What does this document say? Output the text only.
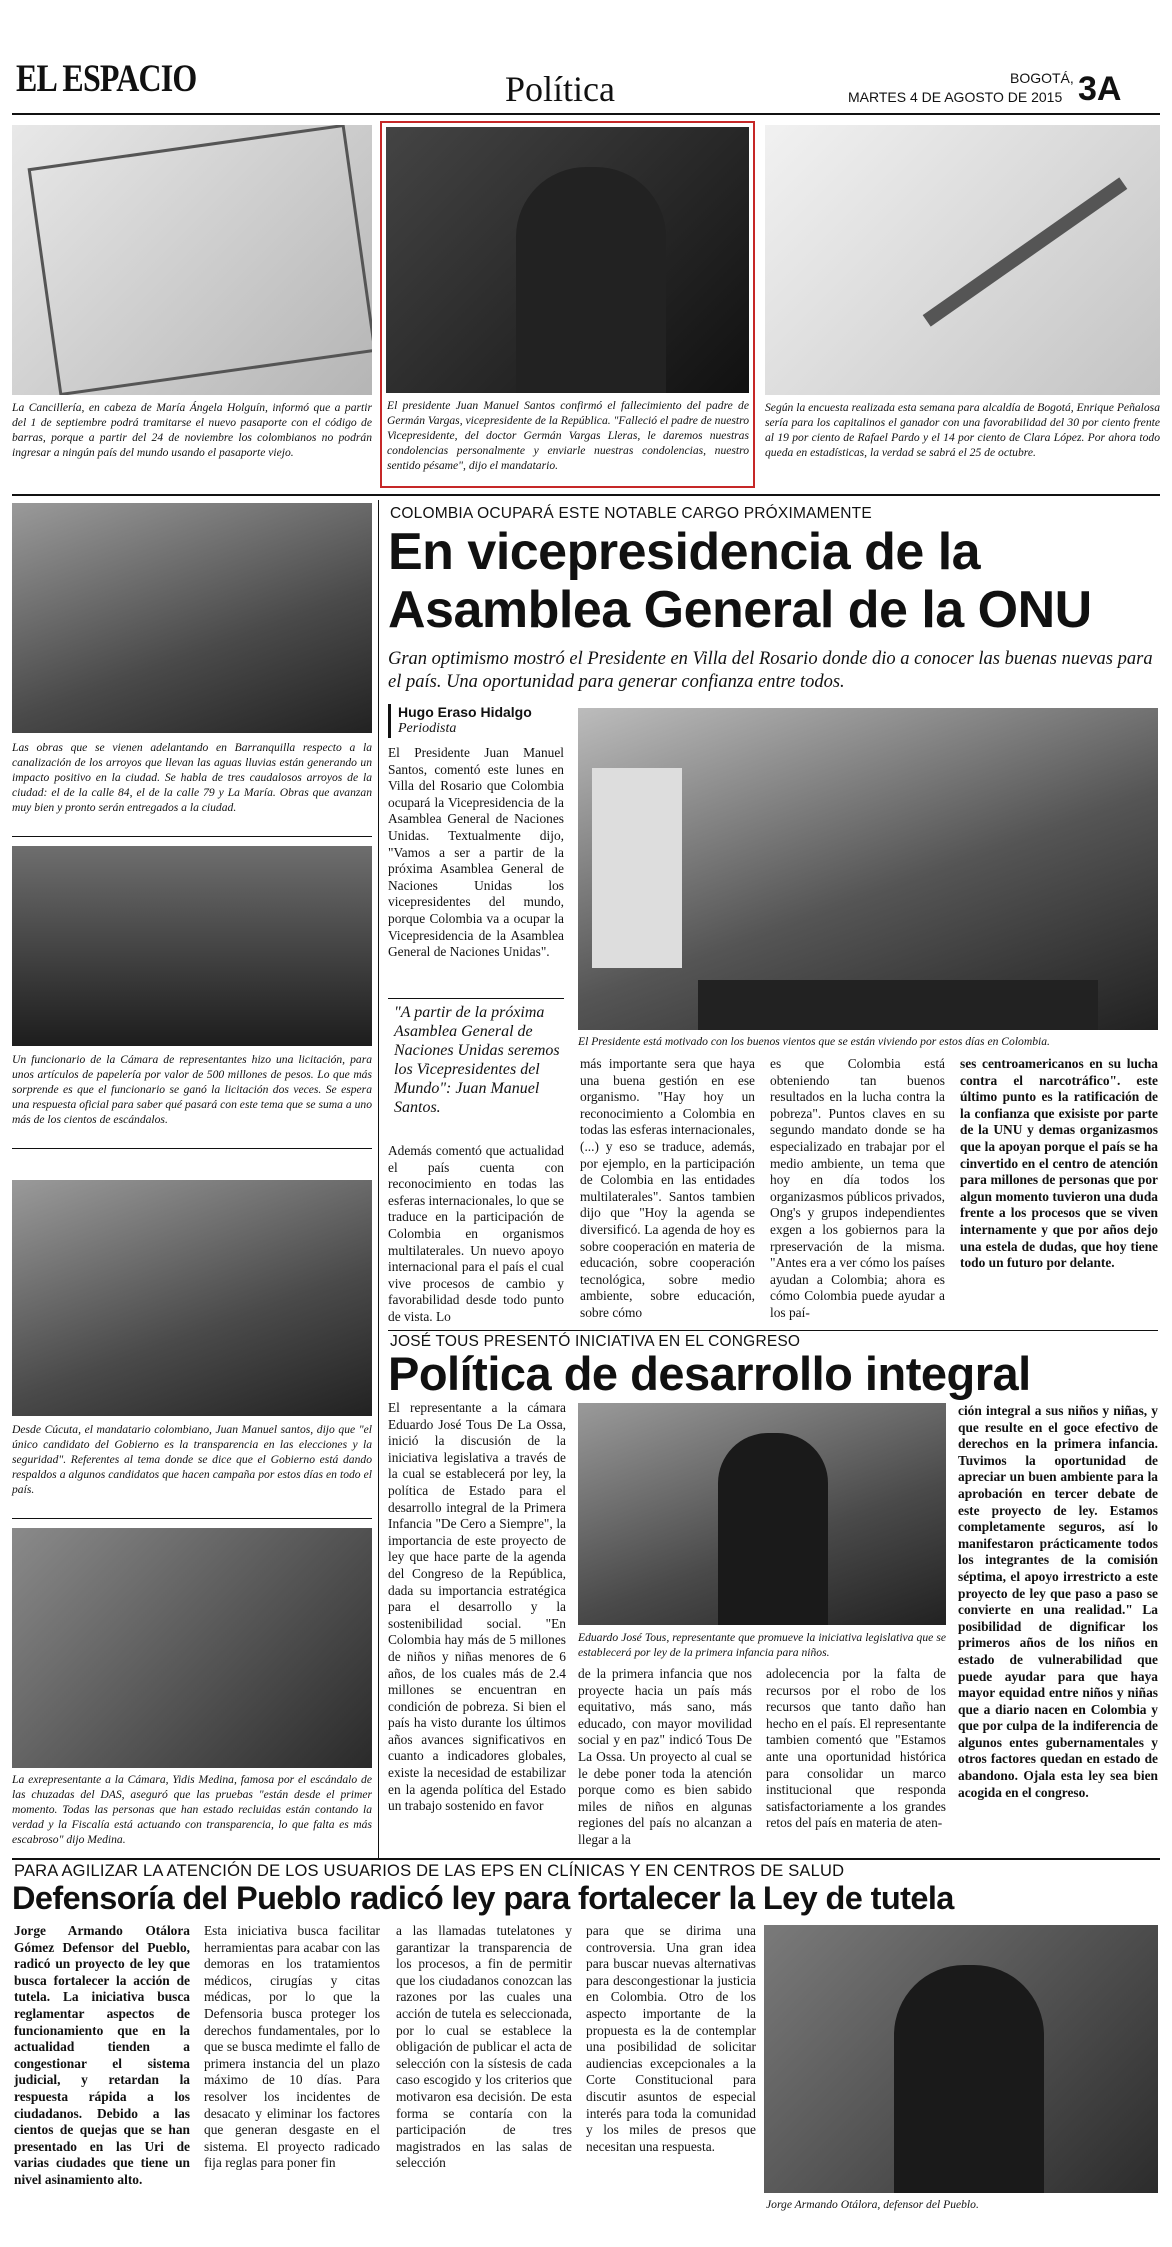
EL ESPACIO	Política	BOGOTÁ,
MARTES 4 DE AGOSTO DE 2015 3A
La Cancillería, en cabeza de María Ángela Holguín, informó que a partir del 1 de septiembre podrá tramitarse el nuevo pasaporte con el código de barras, porque a partir del 24 de noviembre los colombianos no podrán ingresar a ningún país del mundo usando el pasaporte viejo.
El presidente Juan Manuel Santos confirmó el fallecimiento del padre de Germán Vargas, vicepresidente de la República. "Falleció el padre de nuestro Vicepresidente, del doctor Germán Vargas Lleras, le daremos nuestras condolencias personalmente y enviarle nuestras condolencias, nuestro sentido pésame", dijo el mandatario.
Según la encuesta realizada esta semana para alcaldía de Bogotá, Enrique Peñalosa sería para los capitalinos el ganador con una favorabilidad del 30 por ciento frente al 19 por ciento de Rafael Pardo y el 14 por ciento de Clara López. Por ahora todo queda en estadísticas, la verdad se sabrá el 25 de octubre.
Las obras que se vienen adelantando en Barranquilla respecto a la canalización de los arroyos que llevan las aguas lluvias están generando un impacto positivo en la ciudad. Se habla de tres caudalosos arroyos de la ciudad: el de la calle 84, el de la calle 79 y La María. Obras que avanzan muy bien y pronto serán entregados a la ciudad.
Un funcionario de la Cámara de representantes hizo una licitación, para unos artículos de papelería por valor de 500 millones de pesos. Lo que más sorprende es que el funcionario se ganó la licitación dos veces. Se espera una respuesta oficial para saber qué pasará con este tema que se suma a uno más de los cientos de escándalos.
Desde Cúcuta, el mandatario colombiano, Juan Manuel santos, dijo que "el único candidato del Gobierno es la transparencia en las elecciones y la seguridad". Referentes al tema donde se dice que el Gobierno está dando respaldos a algunos candidatos que hacen campaña por estos días en todo el país.
La exrepresentante a la Cámara, Yidis Medina, famosa por el escándalo de las chuzadas del DAS, aseguró que las pruebas "están desde el primer momento. Todas las personas que han estado recluidas están contando la verdad y la Fiscalía está actuando con transparencia, lo que falta es más escabroso" dijo Medina.
COLOMBIA OCUPARÁ ESTE NOTABLE CARGO PRÓXIMAMENTE
En vicepresidencia de la
Asamblea General de la ONU
Gran optimismo mostró el Presidente en Villa del Rosario donde dio a conocer las buenas nuevas para el país. Una oportunidad para generar confianza entre todos.
Hugo Eraso Hidalgo
Periodista
El Presidente Juan Manuel Santos, comentó este lunes en Villa del Rosario que Colombia ocupará la Vicepresidencia de la Asamblea General de Naciones Unidas. Textualmente dijo, "Vamos a ser a partir de la próxima Asamblea General de Naciones Unidas los vicepresidentes del mundo, porque Colombia va a ocupar la Vicepresidencia de la Asamblea General de Naciones Unidas".
"A partir de la próxima Asamblea General de Naciones Unidas seremos los Vicepresidentes del Mundo": Juan Manuel Santos.
Además comentó que actualidad el país cuenta con reconocimiento en todas las esferas internacionales, lo que se traduce en la participación de Colombia en organismos multilaterales. Un nuevo apoyo internacional para el país el cual vive procesos de cambio y favorabilidad desde todo punto de vista. Lo
El Presidente está motivado con los buenos vientos que se están viviendo por estos días en Colombia.
más importante sera que haya una buena gestión en ese organismo. "Hay hoy un reconocimiento a Colombia en todas las esferas internacionales, (...) y eso se traduce, además, por ejemplo, en la participación de Colombia en las entidades multilaterales". Santos tambien dijo que "Hoy la agenda se diversificó. La agenda de hoy es sobre cooperación en materia de educación, sobre cooperación tecnológica, sobre medio ambiente, sobre educación, sobre cómo
es que Colombia está obteniendo tan buenos resultados en la lucha contra la pobreza". Puntos claves en su segundo mandato donde se ha especializado en trabajar por el medio ambiente, un tema que hoy en día todos los organizasmos públicos privados, Ong's y grupos independientes exgen a los gobiernos para la rpreservación de la misma. "Antes era a ver cómo los países ayudan a Colombia; ahora es cómo Colombia puede ayudar a los paí-
ses centroamericanos en su lucha contra el narcotráfico". este último punto es la ratificación de la confianza que exisiste por parte de la UNU y demas organizasmos que la apoyan porque el país se ha cinvertido en el centro de atención para millones de personas que por algun momento tuvieron una duda frente a los procesos que se viven internamente y que por años dejo una estela de dudas, que hoy tiene todo un futuro por delante.
JOSÉ TOUS PRESENTÓ INICIATIVA EN EL CONGRESO
Política de desarrollo integral
El representante a la cámara Eduardo José Tous De La Ossa, inició la discusión de la iniciativa legislativa a través de la cual se establecerá por ley, la política de Estado para el desarrollo integral de la Primera Infancia "De Cero a Siempre", la importancia de este proyecto de ley que hace parte de la agenda del Congreso de la República, dada su importancia estratégica para el desarrollo y la sostenibilidad social. "En Colombia hay más de 5 millones de niños y niñas menores de 6 años, de los cuales más de 2.4 millones se encuentran en condición de pobreza. Si bien el país ha visto durante los últimos años avances significativos en cuanto a indicadores globales, existe la necesidad de estabilizar en la agenda política del Estado un trabajo sostenido en favor
Eduardo José Tous, representante que promueve la iniciativa legislativa que se establecerá por ley de la primera infancia para niños.
de la primera infancia que nos proyecte hacia un país más equitativo, más sano, más educado, con mayor movilidad social y en paz" indicó Tous De La Ossa. Un proyecto al cual se le debe poner toda la atención porque como es bien sabido miles de niños en algunas regiones del país no alcanzan a llegar a la
adolecencia por la falta de recursos por el robo de los recursos que tanto daño han hecho en el país. El representante tambien comentó que "Estamos ante una oportunidad histórica para consolidar un marco institucional que responda satisfactoriamente a los grandes retos del país en materia de aten-
ción integral a sus niños y niñas, y que resulte en el goce efectivo de derechos en la primera infancia. Tuvimos la oportunidad de apreciar un buen ambiente para la aprobación en tercer debate de este proyecto de ley. Estamos completamente seguros, así lo manifestaron prácticamente todos los integrantes de la comisión séptima, el apoyo irrestricto a este proyecto de ley que paso a paso se convierte en una realidad." La posibilidad de dignificar los primeros años de los niños en estado de vulnerabilidad que puede ayudar para que haya mayor equidad entre niños y niñas que a diario nacen en Colombia y que por culpa de la indiferencia de algunos entes gubernamentales y otros factores quedan en estado de abandono. Ojala esta ley sea bien acogida en el congreso.
PARA AGILIZAR LA ATENCIÓN DE LOS USUARIOS DE LAS EPS EN CLÍNICAS Y EN CENTROS DE SALUD
Defensoría del Pueblo radicó ley para fortalecer la Ley de tutela
Jorge Armando Otálora Gómez Defensor del Pueblo, radicó un proyecto de ley que busca fortalecer la acción de tutela. La iniciativa busca reglamentar aspectos de funcionamiento que en la actualidad tienden a congestionar el sistema judicial, y retardan la respuesta rápida a los ciudadanos. Debido a las cientos de quejas que se han presentado en las Uri de varias ciudades que tiene un nivel asinamiento alto.
Esta iniciativa busca facilitar herramientas para acabar con las demoras en los tratamientos médicos, cirugías y citas médicas, por lo que la Defensoria busca proteger los derechos fundamentales, por lo que se busca medimte el fallo de primera instancia del un plazo máximo de 10 días. Para resolver los incidentes de desacato y eliminar los factores que generan desgaste en el sistema. El proyecto radicado fija reglas para poner fin
a las llamadas tutelatones y garantizar la transparencia de los procesos, a fin de permitir que los ciudadanos conozcan las razones por las cuales una acción de tutela es seleccionada, por lo cual se establece la obligación de publicar el acta de selección con la sístesis de cada caso escogido y los criterios que motivaron esa decisión. De esta forma se contaría con la participación de tres magistrados en las salas de selección
para que se dirima una controversia. Una gran idea para buscar nuevas alternativas para descongestionar la justicia en Colombia. Otro de los aspecto importante de la propuesta es la de contemplar una posibilidad de solicitar audiencias excepcionales a la Corte Constitucional para discutir asuntos de especial interés para toda la comunidad y los miles de presos que necesitan una respuesta.
Jorge Armando Otálora, defensor del Pueblo.
